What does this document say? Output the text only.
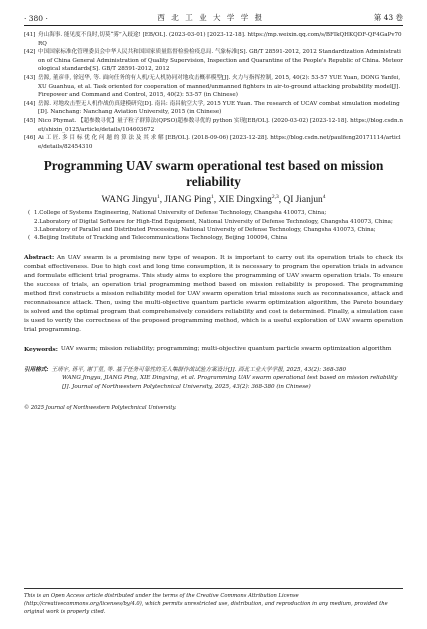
· 380 ·	西 北 工 业 大 学 学 报	第 43 卷
[41] 舟山海事. 能见度不良时,切莫“雾”入歧途! [EB/OL]. (2023-03-01) [2023-12-18]. https://mp.weixin.qq.com/s/BFIkQHKQDF-QF4GaPv70RQ
[42] 中国国家标准化管理委员会中华人民共和国国家质量监督检验检疫总局. 气象标准[S]. GB/T 28591-2012, 2012 Standardization Administration of China General Administration of Quality Supervision, Inspection and Quarantine of the People's Republic of China. Meteorological standards[S]. GB/T 28591-2012, 2012
[43] 岳源, 董彦非, 徐冠华, 等. 面向任务的有人机/无人机协同对地攻击概率模型[J]. 火力与指挥控制, 2015, 40(2): 53-57 YUE Yuan, DONG Yanfei, XU Guanhua, et al. Task oriented for cooperation of manned/unmanned fighters in air-to-ground attacking probability model[J]. Firepower and Command and Control, 2015, 40(2): 53-57 (in Chinese)
[44] 岳源. 对地攻击型无人机作战仿真建模研究[D]. 南昌: 南昌航空大学, 2015 YUE Yuan. The research of UCAV combat simulation modeling[D]. Nanchang: Nanchang Aviation University, 2015 (in Chinese)
[45] Nico Phymat. 【超参数寻优】量子粒子群算法(QPSO)超参数寻优的 python 实现[EB/OL]. (2020-03-02) [2023-12-18]. https://blog.csdn.net/shixin_0125/article/details/104603672
[46] Ai 工 匠. 多 目 标 优 化 问 题 的 算 法 及 其 求 解 [EB/OL]. (2018-09-06) [2023-12-28]. https://blog.csdn.net/paulfeng20171114/article/details/82454310
Programming UAV swarm operational test based on mission reliability
WANG Jingyu$^1$, JIANG Ping$^1$, XIE Dingxing$^{2,3}$, QI Jianjun$^4$
( 1.College of Systems Engineering, National University of Defense Technology, Changsha 410073, China;
2.Laboratory of Digital Software for High-End Equipment, National University of Defense Technology, Changsha 410073, China;
3.Laboratory of Parallel and Distributed Processing, National University of Defense Technology, Changsha 410073, China;
( 4.Beijing Institute of Tracking and Telecommunications Technology, Beijing 100094, China
Abstract: An UAV swarm is a promising new type of weapon. It is important to carry out its operation trials to check its combat effectiveness. Due to high cost and long time consumption, it is necessary to program the operation trials in advance and formulate efficient trial programs. This study aims to explore the programming of UAV swarm operation trials. To ensure the success of trials, an operation trial programming method based on mission reliability is proposed. The programming method first constructs a mission reliability model for UAV swarm operation trial missions such as reconnaissance, attack and reconnaissance attack. Then, using the multi-objective quantum particle swarm optimization algorithm, the Pareto boundary is solved and the optimal program that comprehensively considers reliability and cost is determined. Finally, a simulation case is used to verify the correctness of the proposed programming method, which is a useful exploration of UAV swarm operation trial programming.
Keywords: UAV swarm; mission reliability; programming; multi-objective quantum particle swarm optimization algorithm
引用格式: 王靖宇, 蒋平, 谢丁星, 等. 基于任务可靠性的无人集群作战试验方案设计[J]. 西北工业大学学报, 2025, 43(2): 368-380
WANG Jingyu, JIANG Ping, XIE Dingxing, et al. Programming UAV swarm operational test based on mission reliability [J]. Journal of Northwestern Polytechnical University, 2025, 43(2): 368-380 (in Chinese)
© 2025 Journal of Northwestern Polytechnical University.
This is an Open Access article distributed under the terms of the Creative Commons Attribution License (http://creativecommons.org/licenses/by/4.0), which permits unrestricted use, distribution, and reproduction in any medium, provided the original work is properly cited.
